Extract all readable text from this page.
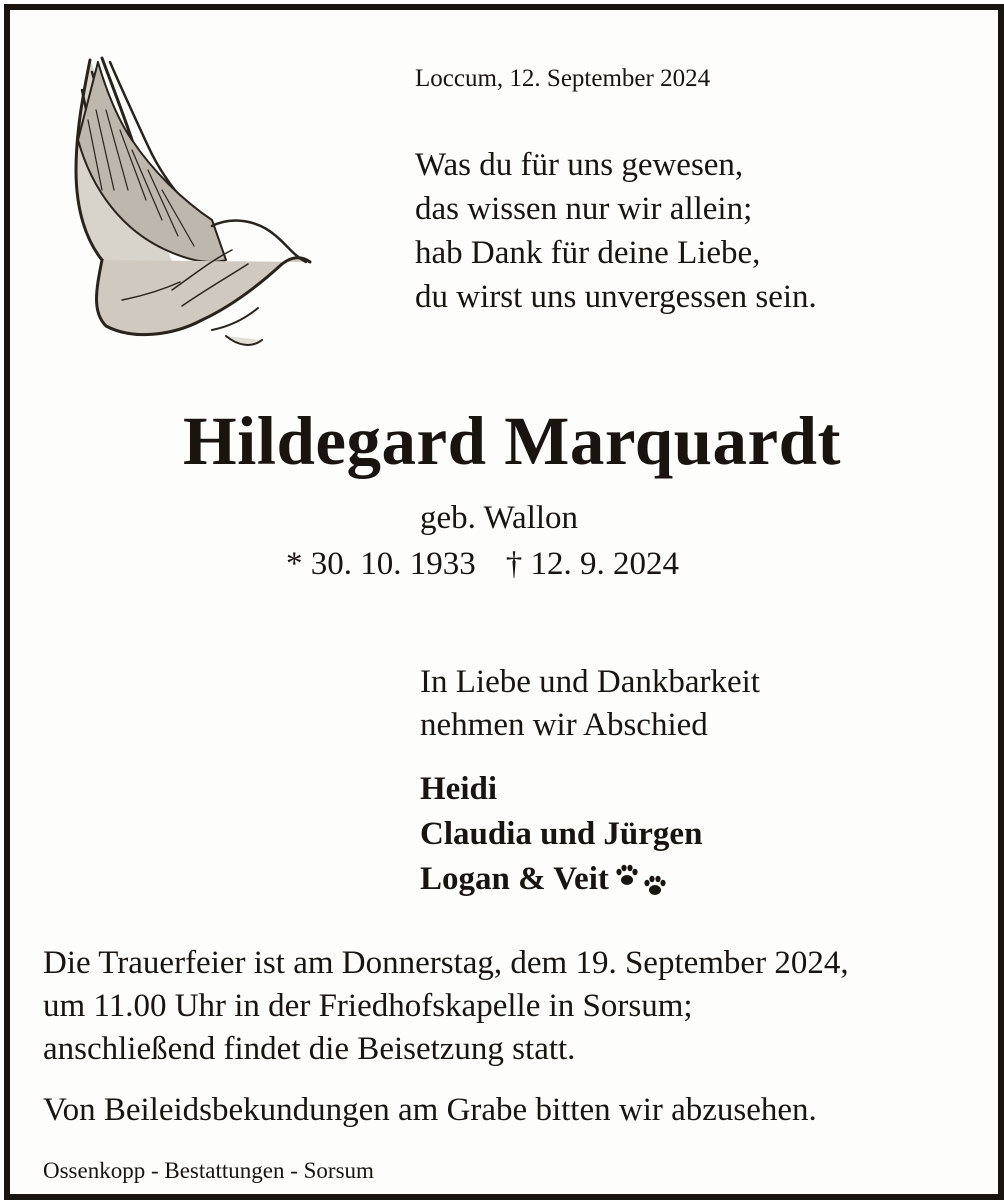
Loccum, 12. September 2024
Was du für uns gewesen,
das wissen nur wir allein;
hab Dank für deine Liebe,
du wirst uns unvergessen sein.
Hildegard Marquardt
geb. Wallon
* 30. 10. 1933 † 12. 9. 2024
In Liebe und Dankbarkeit
nehmen wir Abschied
Heidi
Claudia und Jürgen
Logan & Veit
Die Trauerfeier ist am Donnerstag, dem 19. September 2024,
um 11.00 Uhr in der Friedhofskapelle in Sorsum;
anschließend findet die Beisetzung statt.
Von Beileidsbekundungen am Grabe bitten wir abzusehen.
Ossenkopp - Bestattungen - Sorsum
